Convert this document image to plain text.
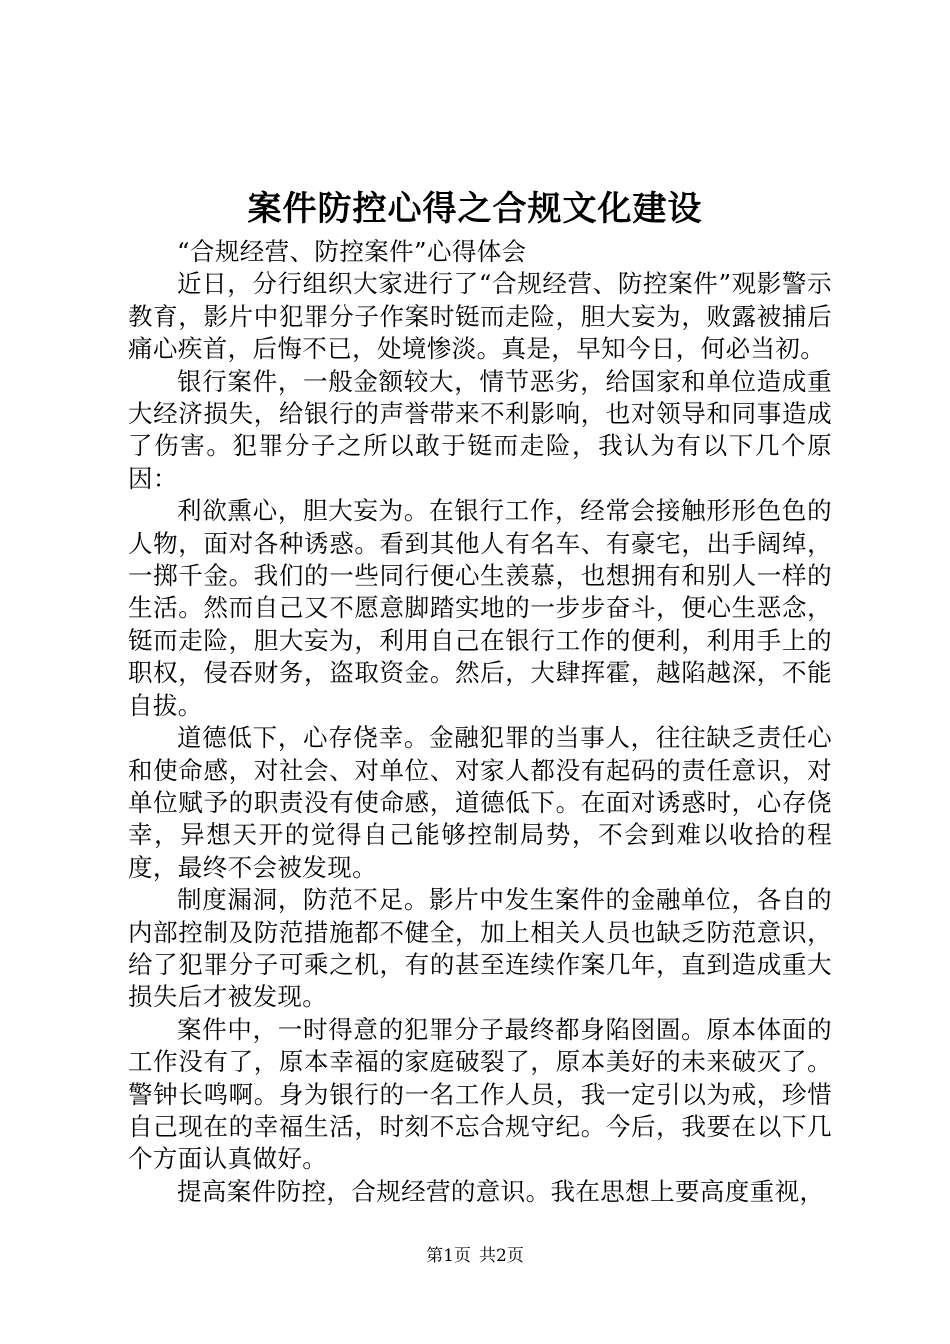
案件防控心得之合规文化建设

“合规经营、防控案件”心得体会

近日，分行组织大家进行了“合规经营、防控案件”观影警示教育，影片中犯罪分子作案时铤而走险，胆大妄为，败露被捕后痛心疾首，后悔不已，处境惨淡。真是，早知今日，何必当初。

银行案件，一般金额较大，情节恶劣，给国家和单位造成重大经济损失，给银行的声誉带来不利影响，也对领导和同事造成了伤害。犯罪分子之所以敢于铤而走险，我认为有以下几个原因：

利欲熏心，胆大妄为。在银行工作，经常会接触形形色色的人物，面对各种诱惑。看到其他人有名车、有豪宅，出手阔绰，一掷千金。我们的一些同行便心生羡慕，也想拥有和别人一样的生活。然而自己又不愿意脚踏实地的一步步奋斗，便心生恶念，铤而走险，胆大妄为，利用自己在银行工作的便利，利用手上的职权，侵吞财务，盗取资金。然后，大肆挥霍，越陷越深，不能自拔。

道德低下，心存侥幸。金融犯罪的当事人，往往缺乏责任心和使命感，对社会、对单位、对家人都没有起码的责任意识，对单位赋予的职责没有使命感，道德低下。在面对诱惑时，心存侥幸，异想天开的觉得自己能够控制局势，不会到难以收拾的程度，最终不会被发现。

制度漏洞，防范不足。影片中发生案件的金融单位，各自的内部控制及防范措施都不健全，加上相关人员也缺乏防范意识，给了犯罪分子可乘之机，有的甚至连续作案几年，直到造成重大损失后才被发现。

案件中，一时得意的犯罪分子最终都身陷囹圄。原本体面的工作没有了，原本幸福的家庭破裂了，原本美好的未来破灭了。警钟长鸣啊。身为银行的一名工作人员，我一定引以为戒，珍惜自己现在的幸福生活，时刻不忘合规守纪。今后，我要在以下几个方面认真做好。

提高案件防控，合规经营的意识。我在思想上要高度重视，

第1页 共2页
